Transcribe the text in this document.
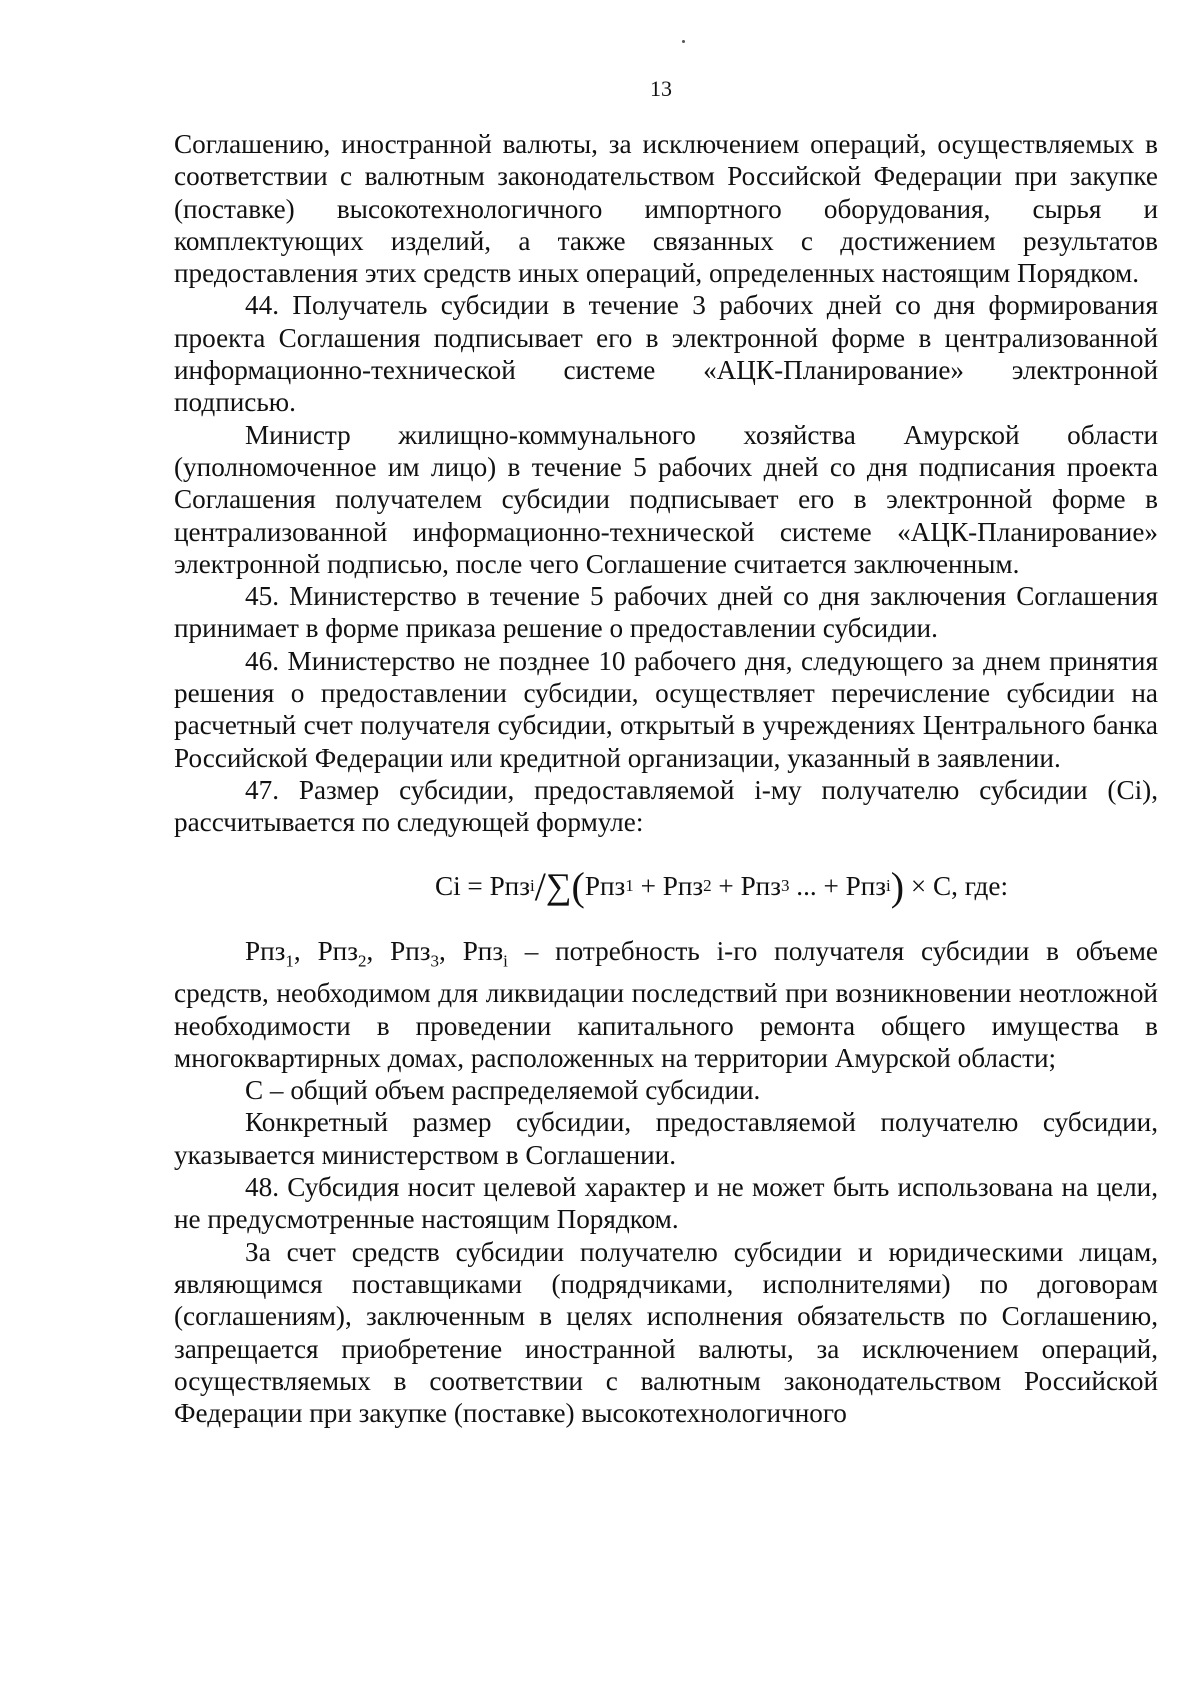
13

Соглашению, иностранной валюты, за исключением операций, осуществляемых в соответствии с валютным законодательством Российской Федерации при закупке (поставке) высокотехнологичного импортного оборудования, сырья и комплектующих изделий, а также связанных с достижением результатов предоставления этих средств иных операций, определенных настоящим Порядком.

44. Получатель субсидии в течение 3 рабочих дней со дня формирования проекта Соглашения подписывает его в электронной форме в централизованной информационно-технической системе «АЦК-Планирование» электронной подписью.

Министр жилищно-коммунального хозяйства Амурской области (уполномоченное им лицо) в течение 5 рабочих дней со дня подписания проекта Соглашения получателем субсидии подписывает его в электронной форме в централизованной информационно-технической системе «АЦК-Планирование» электронной подписью, после чего Соглашение считается заключенным.

45. Министерство в течение 5 рабочих дней со дня заключения Соглашения принимает в форме приказа решение о предоставлении субсидии.

46. Министерство не позднее 10 рабочего дня, следующего за днем принятия решения о предоставлении субсидии, осуществляет перечисление субсидии на расчетный счет получателя субсидии, открытый в учреждениях Центрального банка Российской Федерации или кредитной организации, указанный в заявлении.

47. Размер субсидии, предоставляемой i-му получателю субсидии (Ci), рассчитывается по следующей формуле:

Ci = Рпз i / ∑ ( Рпз 1 + Рпз 2 + Рпз 3 ... + Рпз i ) × C, где:

Рпз$_1$, Рпз$_2$, Рпз$_3$, Рпз$_i$ – потребность i-го получателя субсидии в объеме средств, необходимом для ликвидации последствий при возникновении неотложной необходимости в проведении капитального ремонта общего имущества в многоквартирных домах, расположенных на территории Амурской области;

С – общий объем распределяемой субсидии.

Конкретный размер субсидии, предоставляемой получателю субсидии, указывается министерством в Соглашении.

48. Субсидия носит целевой характер и не может быть использована на цели, не предусмотренные настоящим Порядком.

За счет средств субсидии получателю субсидии и юридическими лицам, являющимся поставщиками (подрядчиками, исполнителями) по договорам (соглашениям), заключенным в целях исполнения обязательств по Соглашению, запрещается приобретение иностранной валюты, за исключением операций, осуществляемых в соответствии с валютным законодательством Российской Федерации при закупке (поставке) высокотехнологичного
